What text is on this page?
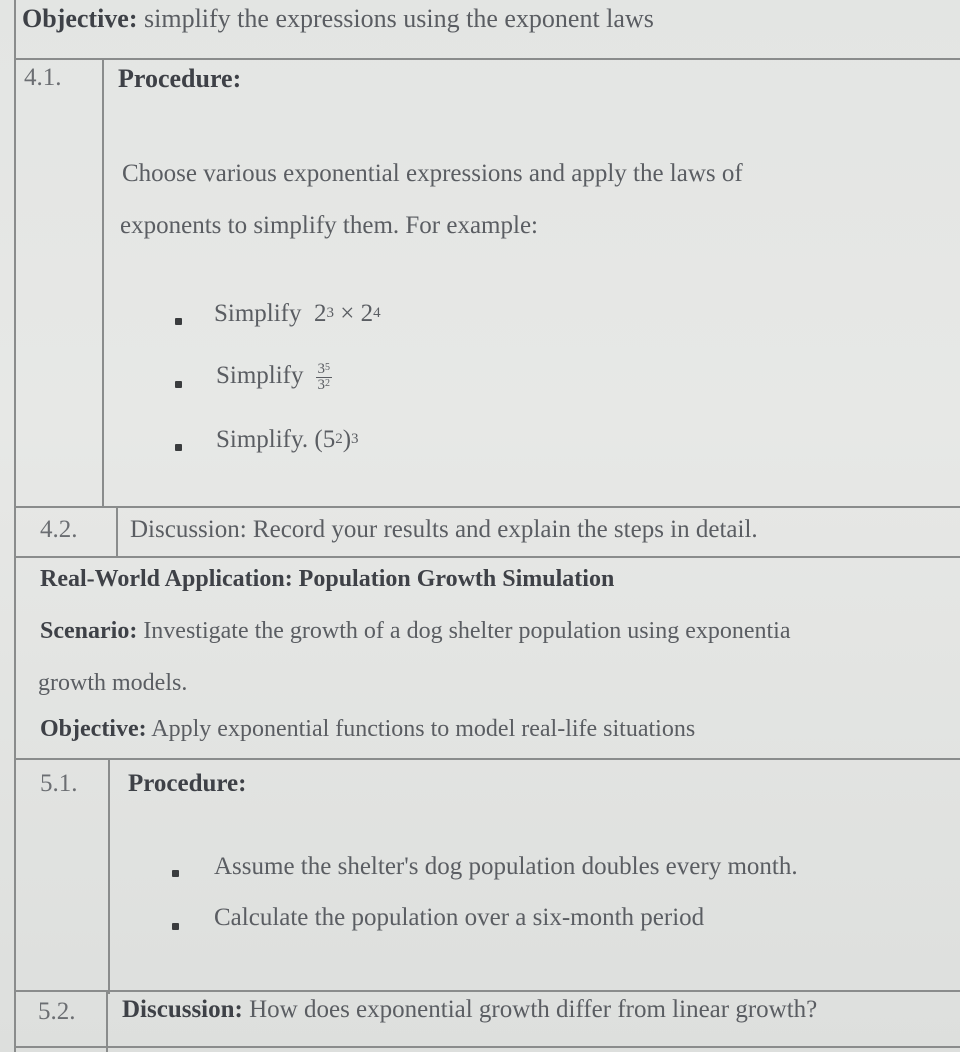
Objective: simplify the expressions using the exponent laws
4.1. Procedure:
Choose various exponential expressions and apply the laws of
exponents to simplify them. For example:
Simplify $2^3 \times 2^4$
Simplify $\frac{3^5}{3^2}$
Simplify. $(5^2)^3$
4.2. Discussion: Record your results and explain the steps in detail.
Real-World Application: Population Growth Simulation
Scenario: Investigate the growth of a dog shelter population using exponentia
growth models.
Objective: Apply exponential functions to model real-life situations
5.1. Procedure:
Assume the shelter's dog population doubles every month.
Calculate the population over a six-month period
5.2. Discussion: How does exponential growth differ from linear growth?
